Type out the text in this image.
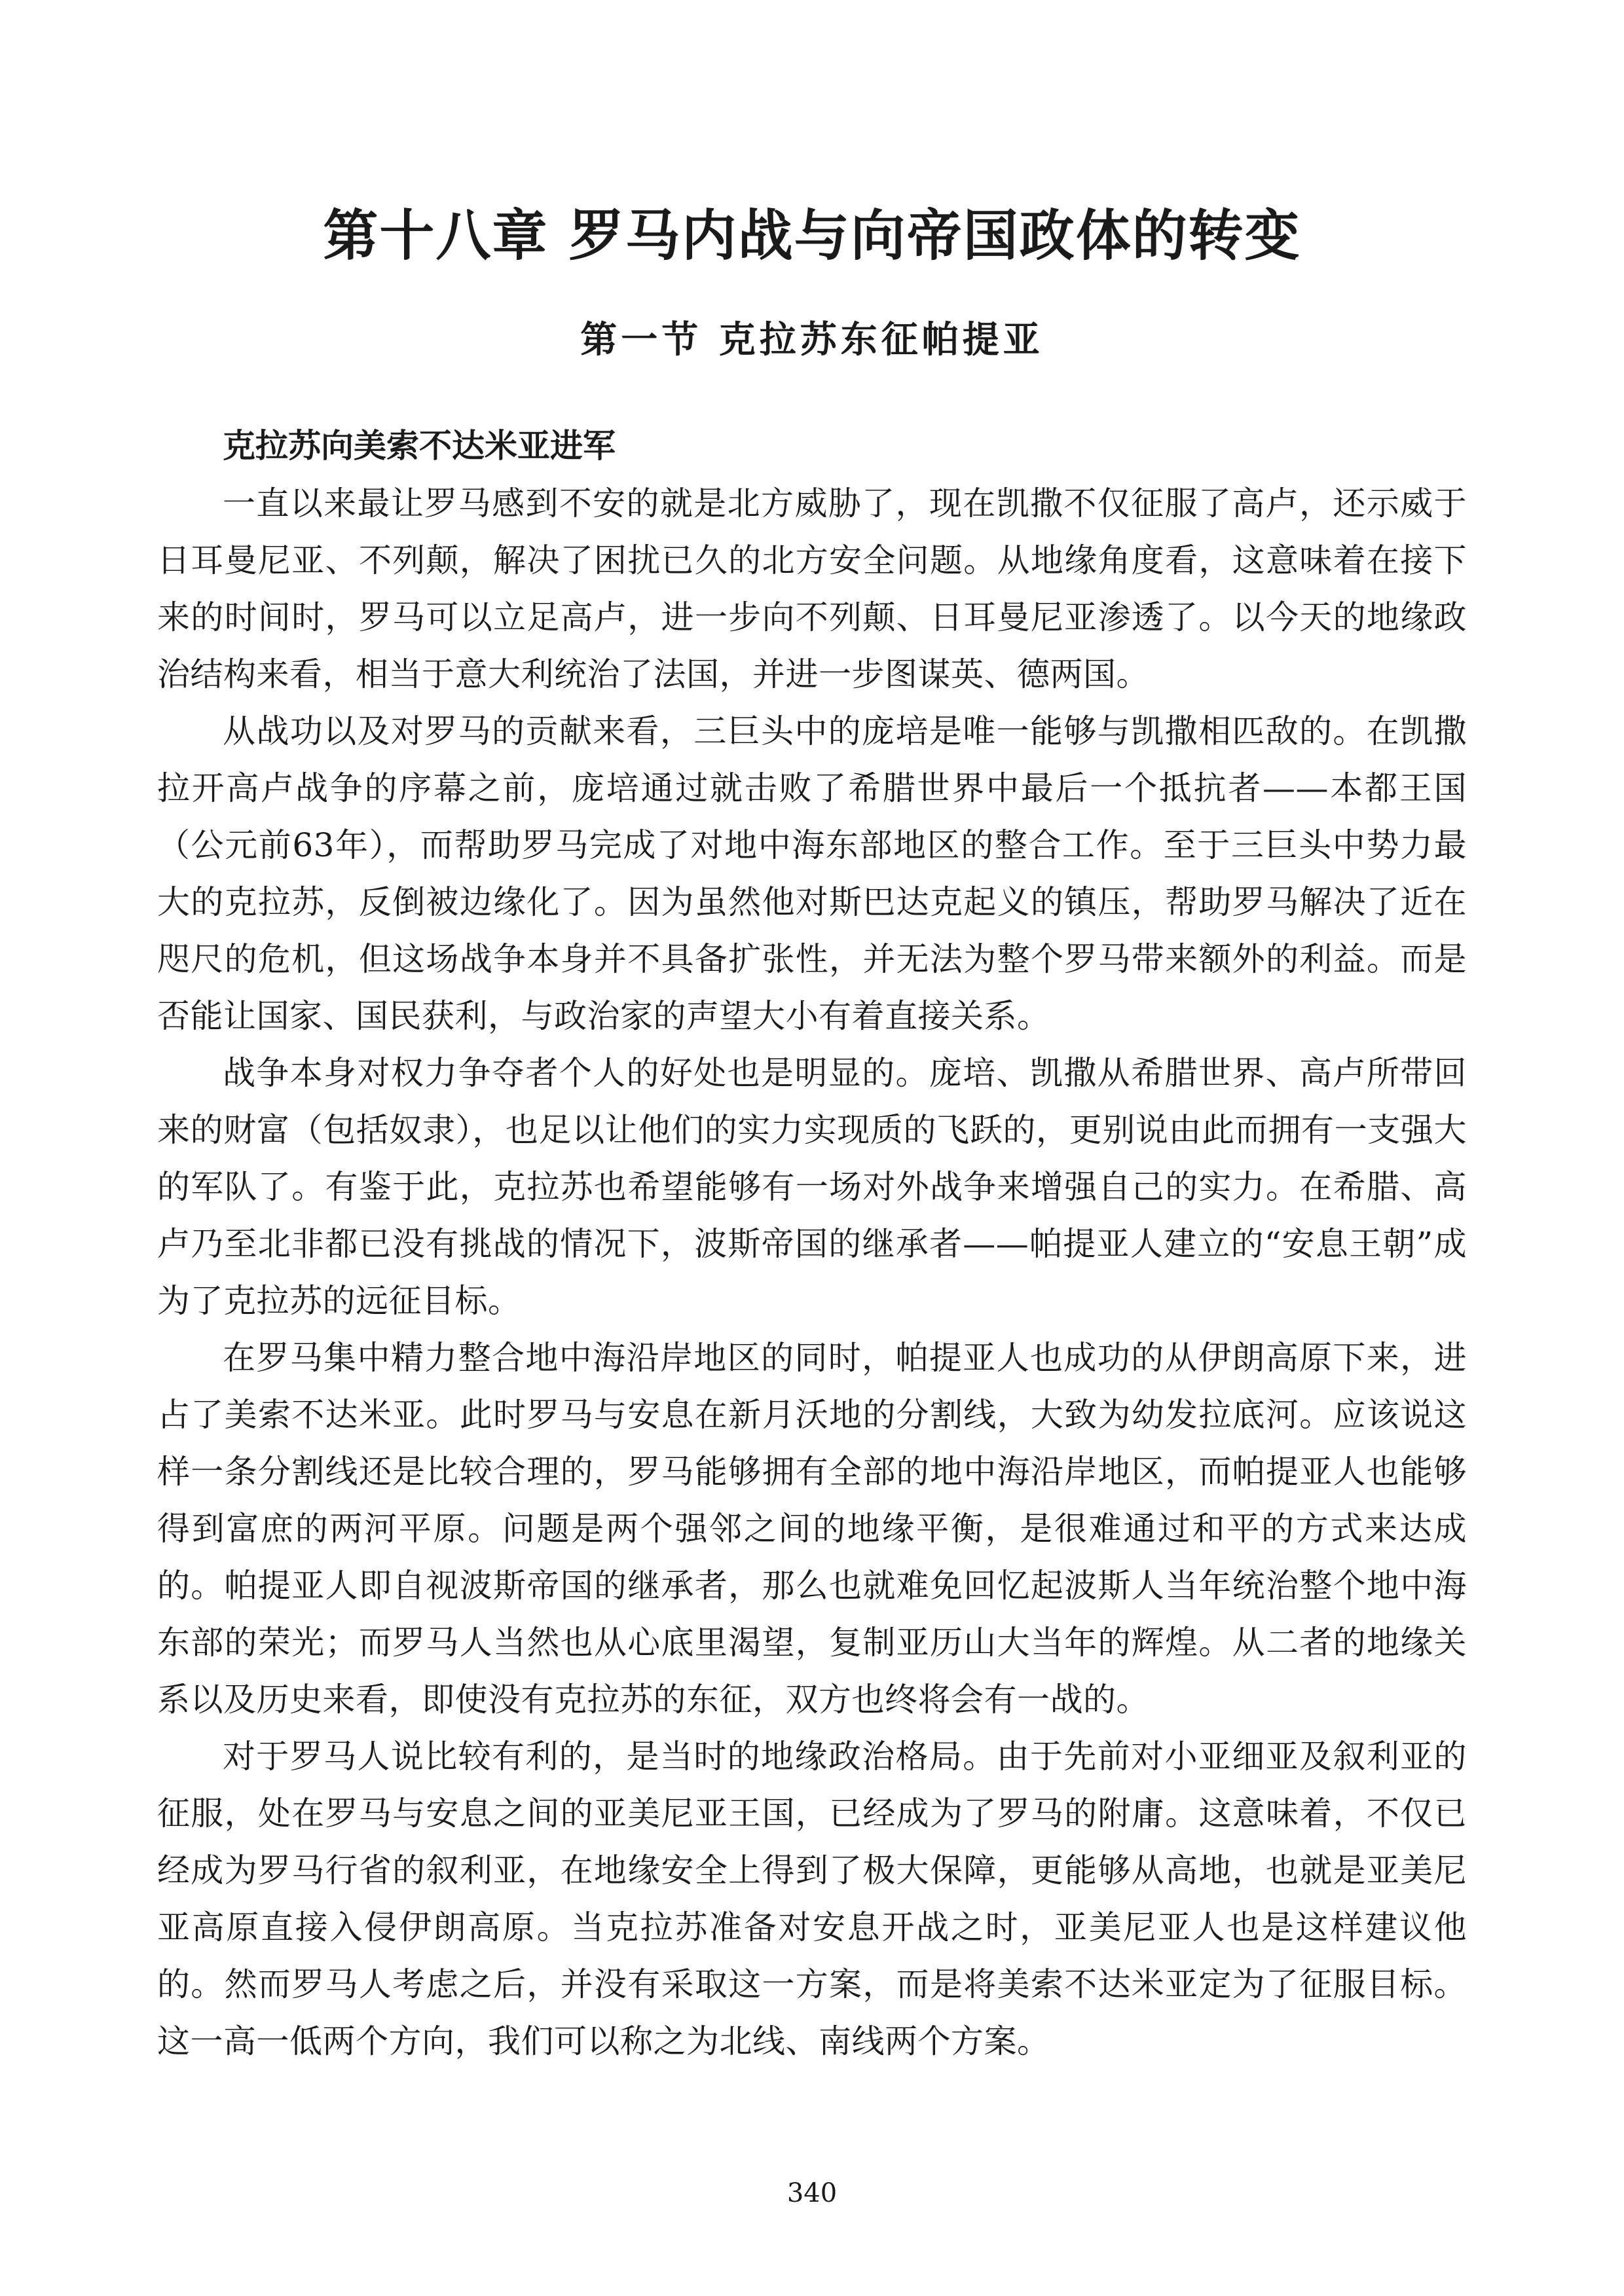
第十八章 罗马内战与向帝国政体的转变
第一节 克拉苏东征帕提亚
克拉苏向美索不达米亚进军

一直以来最让罗马感到不安的就是北方威胁了，现在凯撒不仅征服了高卢，还示威于日耳曼尼亚、不列颠，解决了困扰已久的北方安全问题。从地缘角度看，这意味着在接下来的时间时，罗马可以立足高卢，进一步向不列颠、日耳曼尼亚渗透了。以今天的地缘政治结构来看，相当于意大利统治了法国，并进一步图谋英、德两国。

从战功以及对罗马的贡献来看，三巨头中的庞培是唯一能够与凯撒相匹敌的。在凯撒拉开高卢战争的序幕之前，庞培通过就击败了希腊世界中最后一个抵抗者——本都王国（公元前63年），而帮助罗马完成了对地中海东部地区的整合工作。至于三巨头中势力最大的克拉苏，反倒被边缘化了。因为虽然他对斯巴达克起义的镇压，帮助罗马解决了近在咫尺的危机，但这场战争本身并不具备扩张性，并无法为整个罗马带来额外的利益。而是否能让国家、国民获利，与政治家的声望大小有着直接关系。

战争本身对权力争夺者个人的好处也是明显的。庞培、凯撒从希腊世界、高卢所带回来的财富（包括奴隶），也足以让他们的实力实现质的飞跃的，更别说由此而拥有一支强大的军队了。有鉴于此，克拉苏也希望能够有一场对外战争来增强自己的实力。在希腊、高卢乃至北非都已没有挑战的情况下，波斯帝国的继承者——帕提亚人建立的“安息王朝”成为了克拉苏的远征目标。

在罗马集中精力整合地中海沿岸地区的同时，帕提亚人也成功的从伊朗高原下来，进占了美索不达米亚。此时罗马与安息在新月沃地的分割线，大致为幼发拉底河。应该说这样一条分割线还是比较合理的，罗马能够拥有全部的地中海沿岸地区，而帕提亚人也能够得到富庶的两河平原。问题是两个强邻之间的地缘平衡，是很难通过和平的方式来达成的。帕提亚人即自视波斯帝国的继承者，那么也就难免回忆起波斯人当年统治整个地中海东部的荣光；而罗马人当然也从心底里渴望，复制亚历山大当年的辉煌。从二者的地缘关系以及历史来看，即使没有克拉苏的东征，双方也终将会有一战的。

对于罗马人说比较有利的，是当时的地缘政治格局。由于先前对小亚细亚及叙利亚的征服，处在罗马与安息之间的亚美尼亚王国，已经成为了罗马的附庸。这意味着，不仅已经成为罗马行省的叙利亚，在地缘安全上得到了极大保障，更能够从高地，也就是亚美尼亚高原直接入侵伊朗高原。当克拉苏准备对安息开战之时，亚美尼亚人也是这样建议他的。然而罗马人考虑之后，并没有采取这一方案，而是将美索不达米亚定为了征服目标。这一高一低两个方向，我们可以称之为北线、南线两个方案。

340
